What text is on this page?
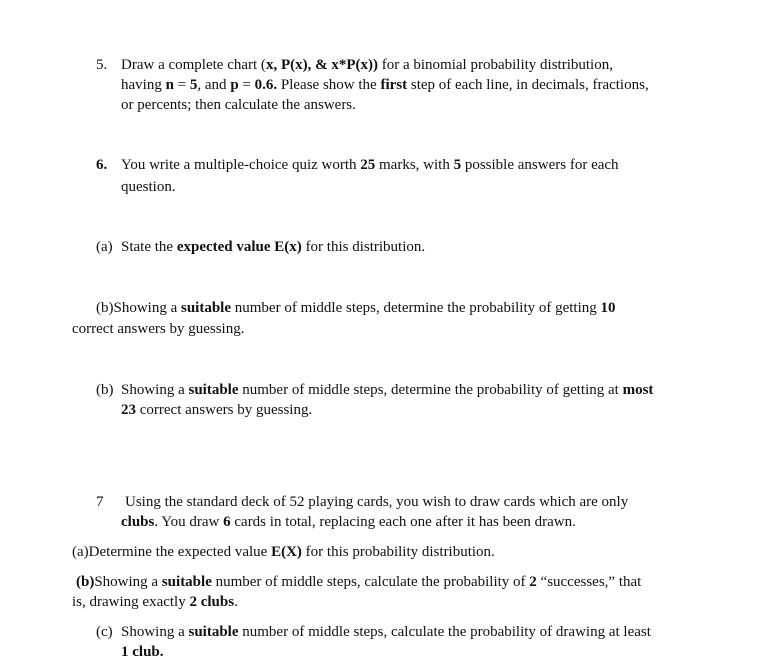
5. Draw a complete chart (x, P(x), & x*P(x)) for a binomial probability distribution,
having n = 5, and p = 0.6. Please show the first step of each line, in decimals, fractions,
or percents; then calculate the answers.
6. You write a multiple-choice quiz worth 25 marks, with 5 possible answers for each
question.
(a) State the expected value E(x) for this distribution.
(b)Showing a suitable number of middle steps, determine the probability of getting 10
correct answers by guessing.
(b) Showing a suitable number of middle steps, determine the probability of getting at most
23 correct answers by guessing.
7 Using the standard deck of 52 playing cards, you wish to draw cards which are only
clubs. You draw 6 cards in total, replacing each one after it has been drawn.
(a)Determine the expected value E(X) for this probability distribution.
(b)Showing a suitable number of middle steps, calculate the probability of 2 “successes,” that
is, drawing exactly 2 clubs.
(c) Showing a suitable number of middle steps, calculate the probability of drawing at least
1 club.
